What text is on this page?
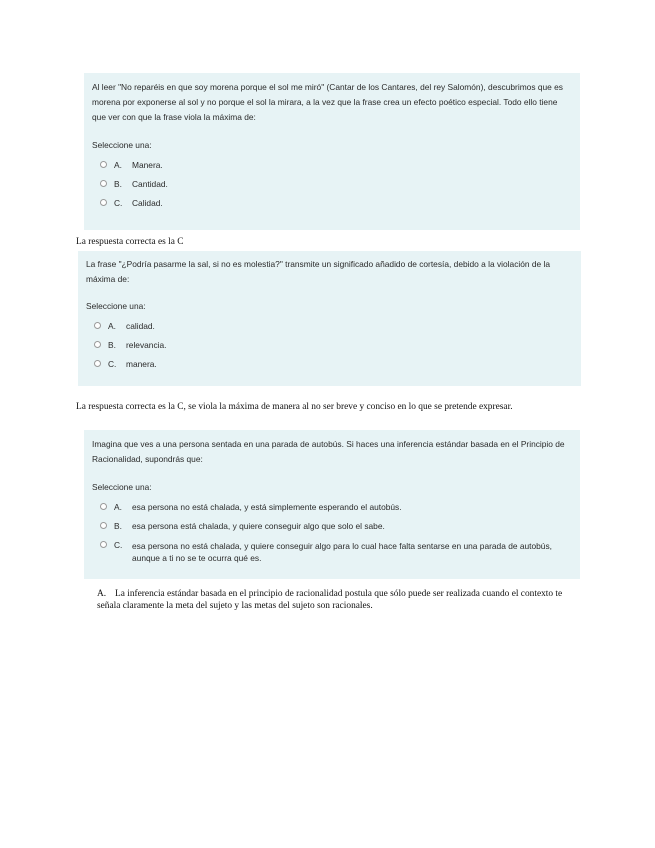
Al leer "No reparéis en que soy morena porque el sol me miró" (Cantar de los Cantares, del rey Salomón), descubrimos que es morena por exponerse al sol y no porque el sol la mirara, a la vez que la frase crea un efecto poético especial. Todo ello tiene que ver con que la frase viola la máxima de:
Seleccione una:
A.	Manera.
B.	Cantidad.
C.	Calidad.
La respuesta correcta es la C
La frase "¿Podría pasarme la sal, si no es molestia?" transmite un significado añadido de cortesía, debido a la violación de la máxima de:
Seleccione una:
A.	calidad.
B.	relevancia.
C.	manera.
La respuesta correcta es la C, se viola la máxima de manera al no ser breve y conciso en lo que se pretende expresar.
Imagina que ves a una persona sentada en una parada de autobús. Si haces una inferencia estándar basada en el Principio de Racionalidad, supondrás que:
Seleccione una:
A.	esa persona no está chalada, y está simplemente esperando el autobús.
B.	esa persona está chalada, y quiere conseguir algo que solo el sabe.
C.	esa persona no está chalada, y quiere conseguir algo para lo cual hace falta sentarse en una parada de autobús, aunque a ti no se te ocurra qué es.
A. La inferencia estándar basada en el principio de racionalidad postula que sólo puede ser realizada cuando el contexto te señala claramente la meta del sujeto y las metas del sujeto son racionales.
